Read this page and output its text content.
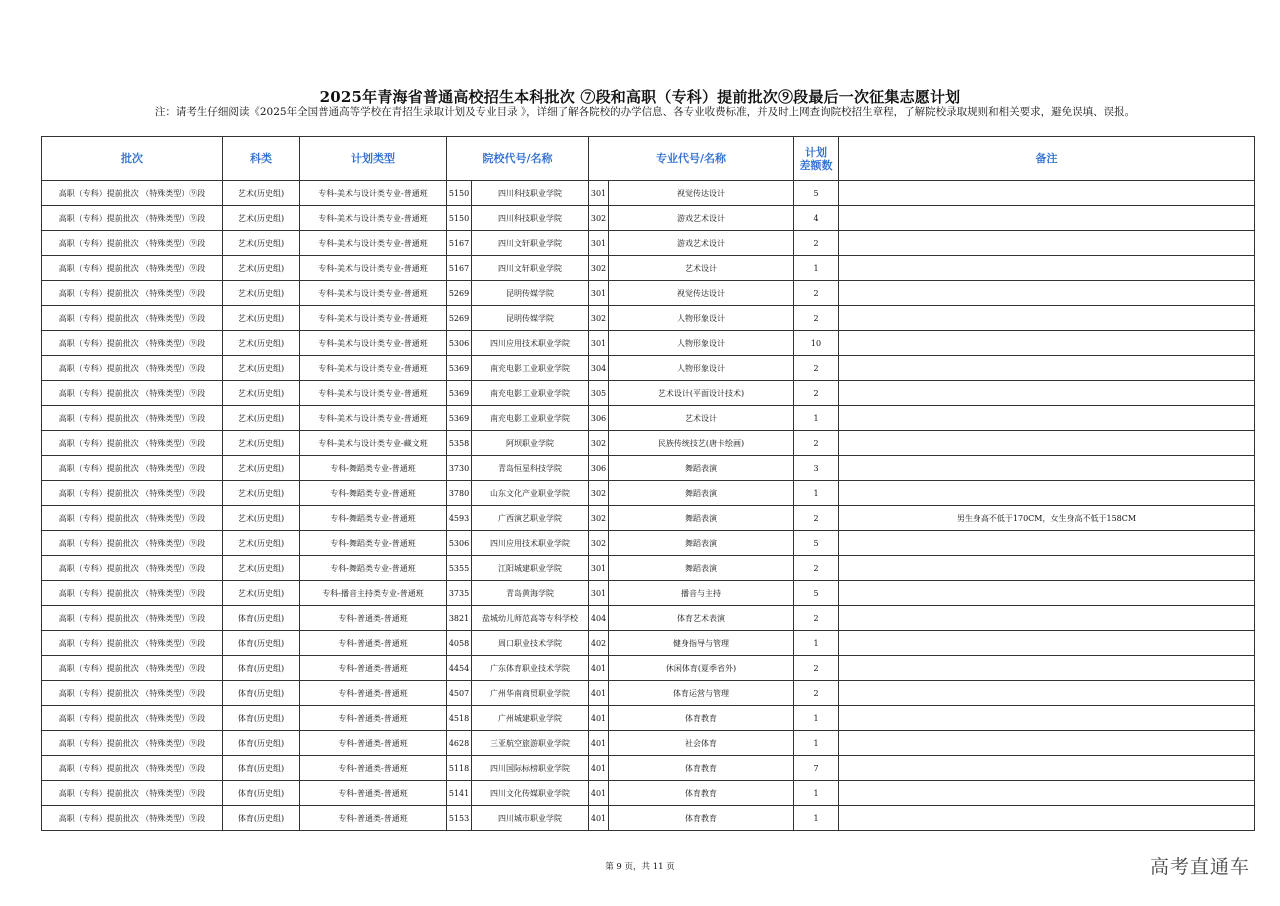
2025年青海省普通高校招生本科批次 ⑦段和高职（专科）提前批次⑨段最后一次征集志愿计划
注：请考生仔细阅读《2025年全国普通高等学校在青招生录取计划及专业目录 》，详细了解各院校的办学信息、各专业收费标准，并及时上网查询院校招生章程，了解院校录取规则和相关要求，避免误填、误报。
批次	科类	计划类型	院校代号/名称		专业代号/名称		计划
差额数	备注
高职（专科）提前批次 （特殊类型）⑨段	艺术(历史组)	专科-美术与设计类专业-普通班	5150	四川科技职业学院	301	视觉传达设计	5	
高职（专科）提前批次 （特殊类型）⑨段	艺术(历史组)	专科-美术与设计类专业-普通班	5150	四川科技职业学院	302	游戏艺术设计	4	
高职（专科）提前批次 （特殊类型）⑨段	艺术(历史组)	专科-美术与设计类专业-普通班	5167	四川文轩职业学院	301	游戏艺术设计	2	
高职（专科）提前批次 （特殊类型）⑨段	艺术(历史组)	专科-美术与设计类专业-普通班	5167	四川文轩职业学院	302	艺术设计	1	
高职（专科）提前批次 （特殊类型）⑨段	艺术(历史组)	专科-美术与设计类专业-普通班	5269	昆明传媒学院	301	视觉传达设计	2	
高职（专科）提前批次 （特殊类型）⑨段	艺术(历史组)	专科-美术与设计类专业-普通班	5269	昆明传媒学院	302	人物形象设计	2	
高职（专科）提前批次 （特殊类型）⑨段	艺术(历史组)	专科-美术与设计类专业-普通班	5306	四川应用技术职业学院	301	人物形象设计	10	
高职（专科）提前批次 （特殊类型）⑨段	艺术(历史组)	专科-美术与设计类专业-普通班	5369	南充电影工业职业学院	304	人物形象设计	2	
高职（专科）提前批次 （特殊类型）⑨段	艺术(历史组)	专科-美术与设计类专业-普通班	5369	南充电影工业职业学院	305	艺术设计(平面设计技术)	2	
高职（专科）提前批次 （特殊类型）⑨段	艺术(历史组)	专科-美术与设计类专业-普通班	5369	南充电影工业职业学院	306	艺术设计	1	
高职（专科）提前批次 （特殊类型）⑨段	艺术(历史组)	专科-美术与设计类专业-藏文班	5358	阿坝职业学院	302	民族传统技艺(唐卡绘画)	2	
高职（专科）提前批次 （特殊类型）⑨段	艺术(历史组)	专科-舞蹈类专业-普通班	3730	青岛恒星科技学院	306	舞蹈表演	3	
高职（专科）提前批次 （特殊类型）⑨段	艺术(历史组)	专科-舞蹈类专业-普通班	3780	山东文化产业职业学院	302	舞蹈表演	1	
高职（专科）提前批次 （特殊类型）⑨段	艺术(历史组)	专科-舞蹈类专业-普通班	4593	广西演艺职业学院	302	舞蹈表演	2	男生身高不低于170CM，女生身高不低于158CM
高职（专科）提前批次 （特殊类型）⑨段	艺术(历史组)	专科-舞蹈类专业-普通班	5306	四川应用技术职业学院	302	舞蹈表演	5	
高职（专科）提前批次 （特殊类型）⑨段	艺术(历史组)	专科-舞蹈类专业-普通班	5355	江阳城建职业学院	301	舞蹈表演	2	
高职（专科）提前批次 （特殊类型）⑨段	艺术(历史组)	专科-播音主持类专业-普通班	3735	青岛黄海学院	301	播音与主持	5	
高职（专科）提前批次 （特殊类型）⑨段	体育(历史组)	专科-普通类-普通班	3821	盐城幼儿师范高等专科学校	404	体育艺术表演	2	
高职（专科）提前批次 （特殊类型）⑨段	体育(历史组)	专科-普通类-普通班	4058	周口职业技术学院	402	健身指导与管理	1	
高职（专科）提前批次 （特殊类型）⑨段	体育(历史组)	专科-普通类-普通班	4454	广东体育职业技术学院	401	休闲体育(夏季省外)	2	
高职（专科）提前批次 （特殊类型）⑨段	体育(历史组)	专科-普通类-普通班	4507	广州华南商贸职业学院	401	体育运营与管理	2	
高职（专科）提前批次 （特殊类型）⑨段	体育(历史组)	专科-普通类-普通班	4518	广州城建职业学院	401	体育教育	1	
高职（专科）提前批次 （特殊类型）⑨段	体育(历史组)	专科-普通类-普通班	4628	三亚航空旅游职业学院	401	社会体育	1	
高职（专科）提前批次 （特殊类型）⑨段	体育(历史组)	专科-普通类-普通班	5118	四川国际标榜职业学院	401	体育教育	7	
高职（专科）提前批次 （特殊类型）⑨段	体育(历史组)	专科-普通类-普通班	5141	四川文化传媒职业学院	401	体育教育	1	
高职（专科）提前批次 （特殊类型）⑨段	体育(历史组)	专科-普通类-普通班	5153	四川城市职业学院	401	体育教育	1	
第 9 页，共 11 页	高考直通车
